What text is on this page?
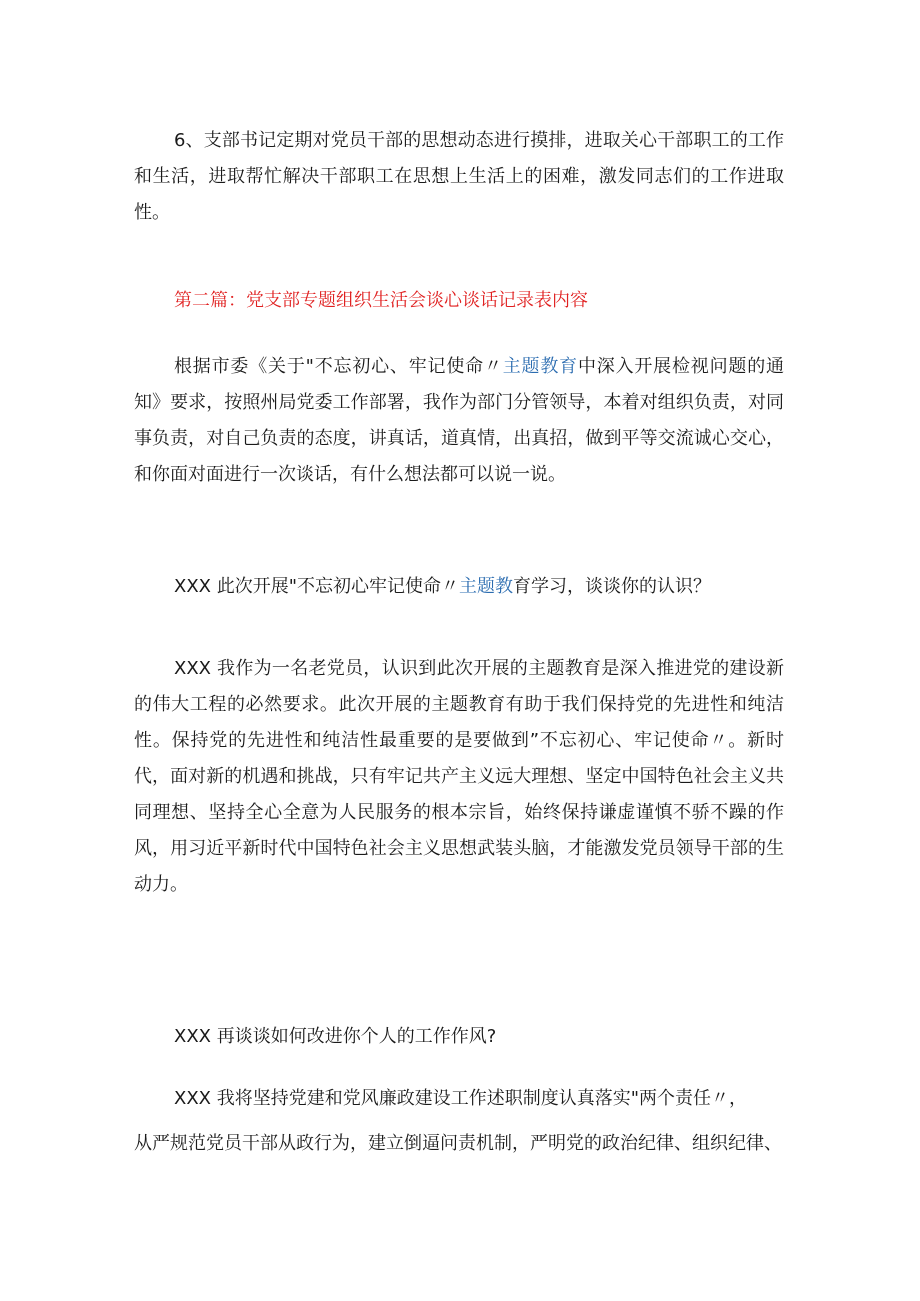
6、支部书记定期对党员干部的思想动态进行摸排，进取关心干部职工的工作和生活，进取帮忙解决干部职工在思想上生活上的困难，激发同志们的工作进取性。

第二篇：党支部专题组织生活会谈心谈话记录表内容

根据市委《关于"不忘初心、牢记使命〃主题教育中深入开展检视问题的通知》要求，按照州局党委工作部署，我作为部门分管领导，本着对组织负责，对同事负责，对自己负责的态度，讲真话，道真情，出真招，做到平等交流诚心交心，和你面对面进行一次谈话，有什么想法都可以说一说。

XXX 此次开展"不忘初心牢记使命〃主题教育学习，谈谈你的认识？

XXX 我作为一名老党员，认识到此次开展的主题教育是深入推进党的建设新的伟大工程的必然要求。此次开展的主题教育有助于我们保持党的先进性和纯洁性。保持党的先进性和纯洁性最重要的是要做到”不忘初心、牢记使命〃。新时代，面对新的机遇和挑战，只有牢记共产主义远大理想、坚定中国特色社会主义共同理想、坚持全心全意为人民服务的根本宗旨，始终保持谦虚谨慎不骄不躁的作风，用习近平新时代中国特色社会主义思想武装头脑，才能激发党员领导干部的生动力。

XXX 再谈谈如何改进你个人的工作作风?

XXX 我将坚持党建和党风廉政建设工作述职制度认真落实"两个责任〃，

从严规范党员干部从政行为，建立倒逼问责机制，严明党的政治纪律、组织纪律、
